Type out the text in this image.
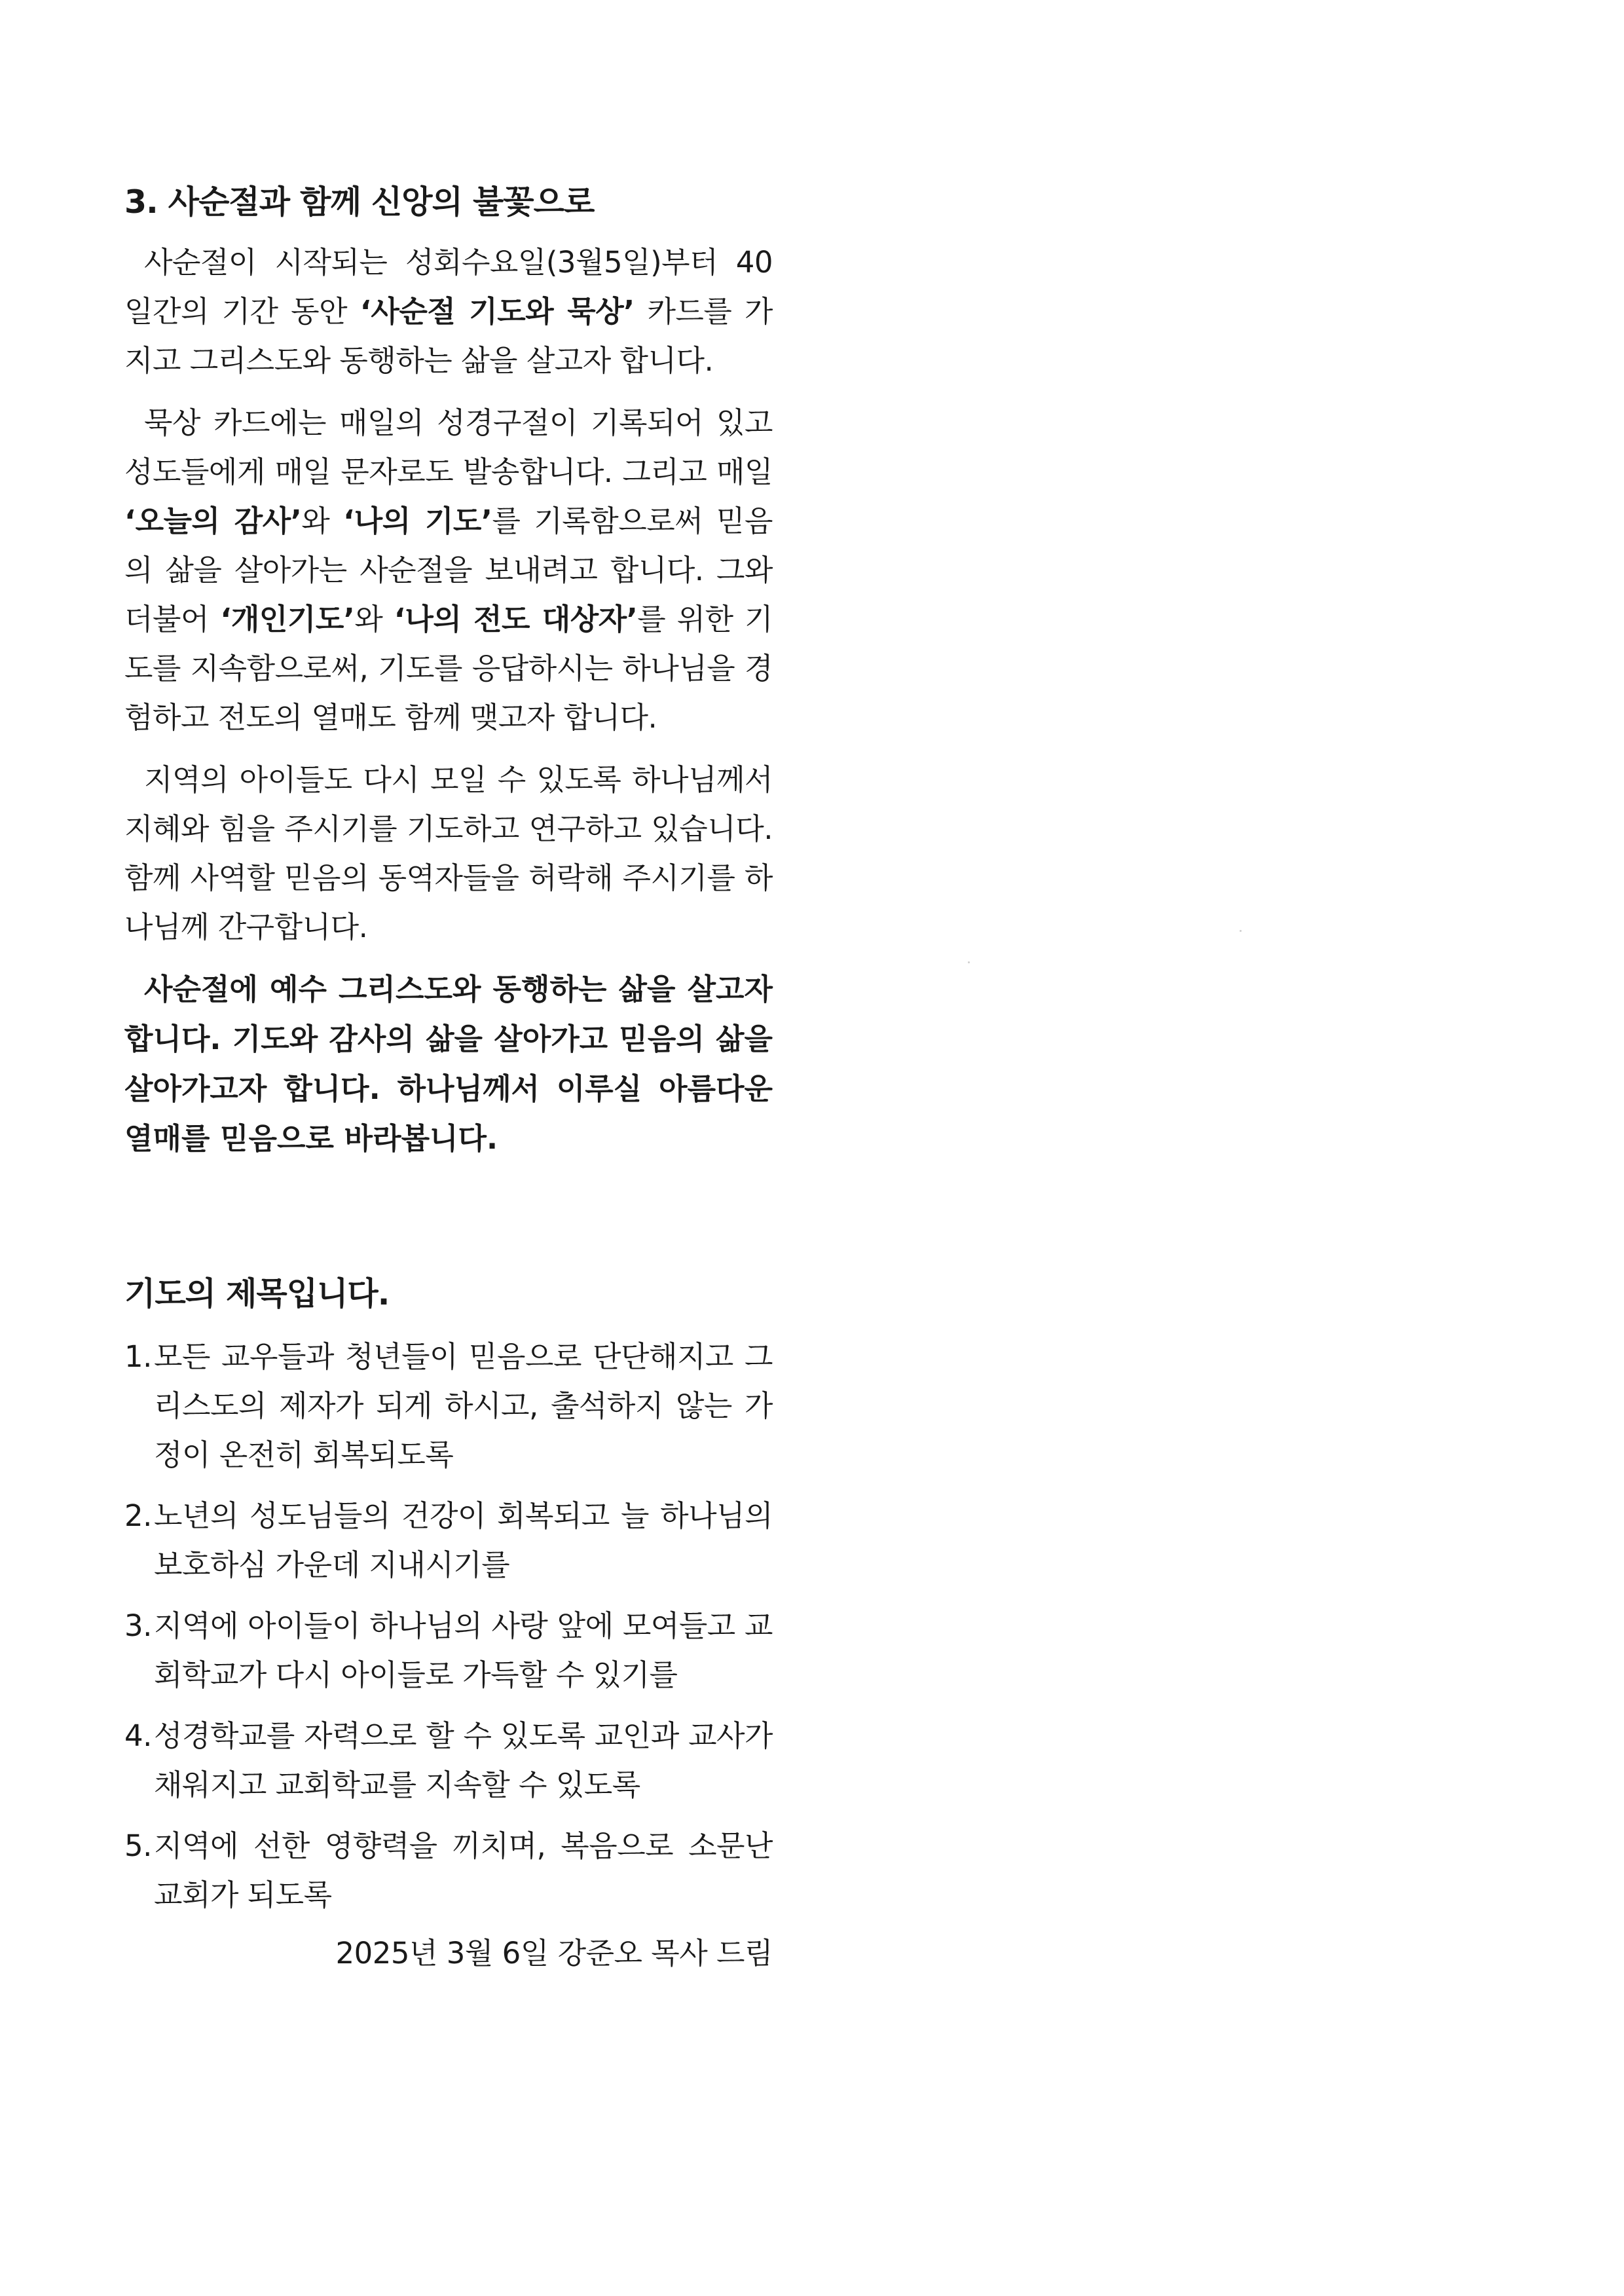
3. 사순절과 함께 신앙의 불꽃으로

사순절이 시작되는 성회수요일(3월5일)부터 40일간의 기간 동안 ‘사순절 기도와 묵상’ 카드를 가지고 그리스도와 동행하는 삶을 살고자 합니다.

묵상 카드에는 매일의 성경구절이 기록되어 있고 성도들에게 매일 문자로도 발송합니다. 그리고 매일 ‘오늘의 감사’와 ‘나의 기도’를 기록함으로써 믿음의 삶을 살아가는 사순절을 보내려고 합니다. 그와 더불어 ‘개인기도’와 ‘나의 전도 대상자’를 위한 기도를 지속함으로써, 기도를 응답하시는 하나님을 경험하고 전도의 열매도 함께 맺고자 합니다.

지역의 아이들도 다시 모일 수 있도록 하나님께서 지혜와 힘을 주시기를 기도하고 연구하고 있습니다. 함께 사역할 믿음의 동역자들을 허락해 주시기를 하나님께 간구합니다.

사순절에 예수 그리스도와 동행하는 삶을 살고자 합니다. 기도와 감사의 삶을 살아가고 믿음의 삶을 살아가고자 합니다. 하나님께서 이루실 아름다운 열매를 믿음으로 바라봅니다.

기도의 제목입니다.
1. 모든 교우들과 청년들이 믿음으로 단단해지고 그리스도의 제자가 되게 하시고, 출석하지 않는 가정이 온전히 회복되도록
2. 노년의 성도님들의 건강이 회복되고 늘 하나님의 보호하심 가운데 지내시기를
3. 지역에 아이들이 하나님의 사랑 앞에 모여들고 교회학교가 다시 아이들로 가득할 수 있기를
4. 성경학교를 자력으로 할 수 있도록 교인과 교사가 채워지고 교회학교를 지속할 수 있도록
5. 지역에 선한 영향력을 끼치며, 복음으로 소문난 교회가 되도록
2025년 3월 6일 강준오 목사 드림
